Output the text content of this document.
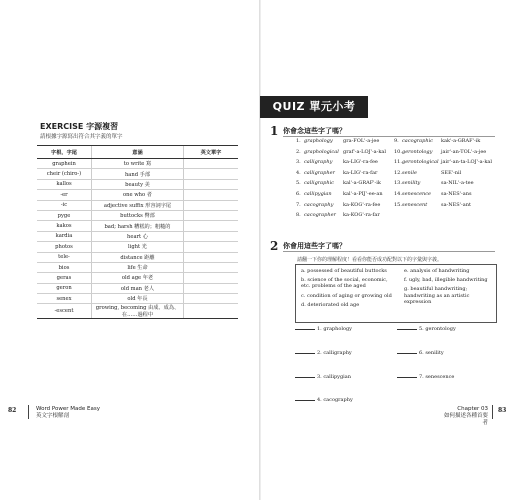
EXERCISE 字源複習
請根據字源寫出符合其字義的單字
字根、字尾	意涵	英文單字
graphein	to write 寫	
cheir (chiro-)	hand 手部	
kallos	beauty 美	
-er	one who 者	
-ic	adjective suffix 形容詞字尾	
pyge	buttocks 臀部	
kakos	bad; harsh 糟糕的；粗糙的	
kardia	heart 心	
photos	light 光	
tele-	distance 距離	
bios	life 生命	
geras	old age 年老	
geron	old man 老人	
senex	old 年長	
-escent	growing, becoming 由成、成為、在……過程中	
82	Word Power Made Easy
英文字根解剖
QUIZ 單元小考
1 你會念這些字了嗎？
1. graphology gra-FOL'-a-jee
2. graphological graf'-a-LOJ'-a-kal
3. calligraphy ka-LIG'-ra-fee
4. calligrapher ka-LIG'-ra-far
5. calligraphic kal'-a-GRAF'-ik
6. callipygian kal'-a-PIJ'-ee-an
7. cacography ka-KOG'-ra-fee
8. cacographer ka-KOG'-ra-far
9. cacographic kak'-a-GRAF'-ik
10.gerontology jair'-an-TOL'-a-jee
11.gerontological jair'-an-ta-LOJ'-a-kal
12.senile	SEE'-nil
13.senility	sa-NIL'-a-tee
14.senescence sa-NES'-ans
15.senescent	sa-NES'-ant
2 你會用這些字了嗎？
請翻一下你的理解程度！看看你能否成功配對以下的字彙與字義。
a. possessed of beautiful buttocks
b. science of the social, economic, etc. problems of the aged
c. condition of aging or growing old
d. deteriorated old age
e. analysis of handwriting
f. ugly, bad, illegible handwriting
g. beautiful handwriting; handwriting as an artistic expression
1. graphology
2. calligraphy
3. callipygian
4. cacography
5. gerontology
6. senility
7. senescence
Chapter 03
如何描述各種首要者
83
